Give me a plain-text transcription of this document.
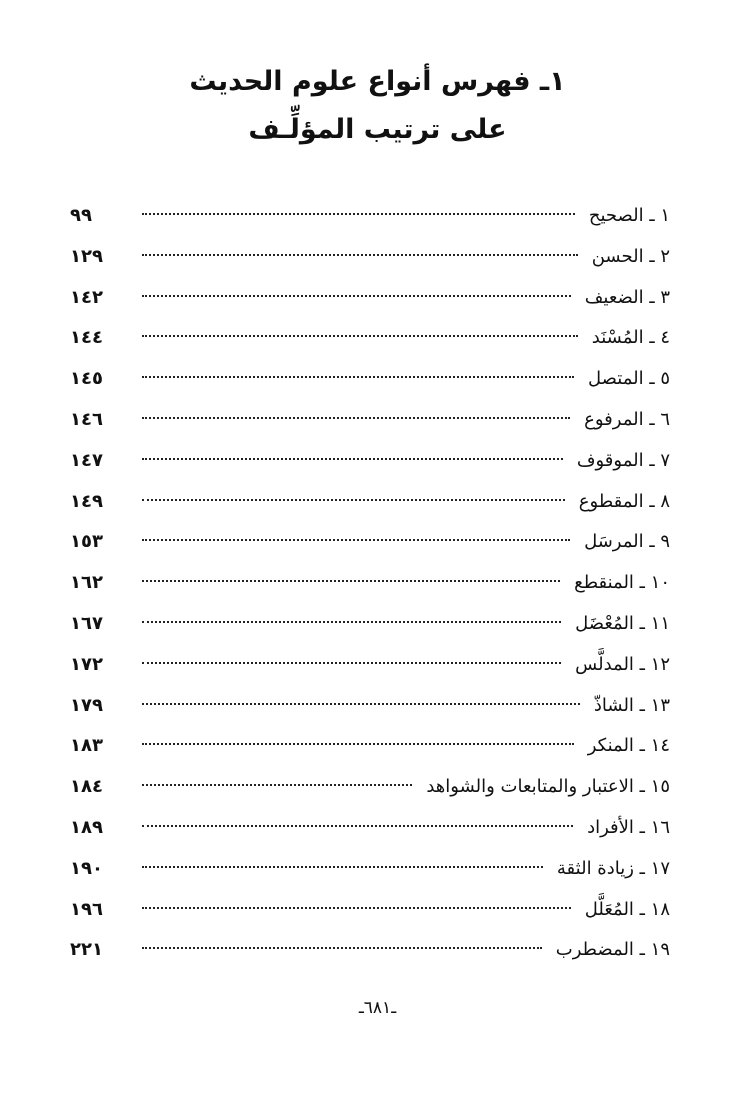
١ـ فهرس أنواع علوم الحديث
على ترتيب المؤلِّـف
١ ـ الصحيح
٩٩
٢ ـ الحسن
١٢٩
٣ ـ الضعيف
١٤٢
٤ ـ المُسْنَد
١٤٤
٥ ـ المتصل
١٤٥
٦ ـ المرفوع
١٤٦
٧ ـ الموقوف
١٤٧
٨ ـ المقطوع
١٤٩
٩ ـ المرسَل
١٥٣
١٠ ـ المنقطع
١٦٢
١١ ـ المُعْضَل
١٦٧
١٢ ـ المدلَّس
١٧٢
١٣ ـ الشاذّ
١٧٩
١٤ ـ المنكر
١٨٣
١٥ ـ الاعتبار والمتابعات والشواهد
١٨٤
١٦ ـ الأفراد
١٨٩
١٧ ـ زيادة الثقة
١٩٠
١٨ ـ المُعَلَّل
١٩٦
١٩ ـ المضطرب
٢٢١
ـ٦٨١ـ
